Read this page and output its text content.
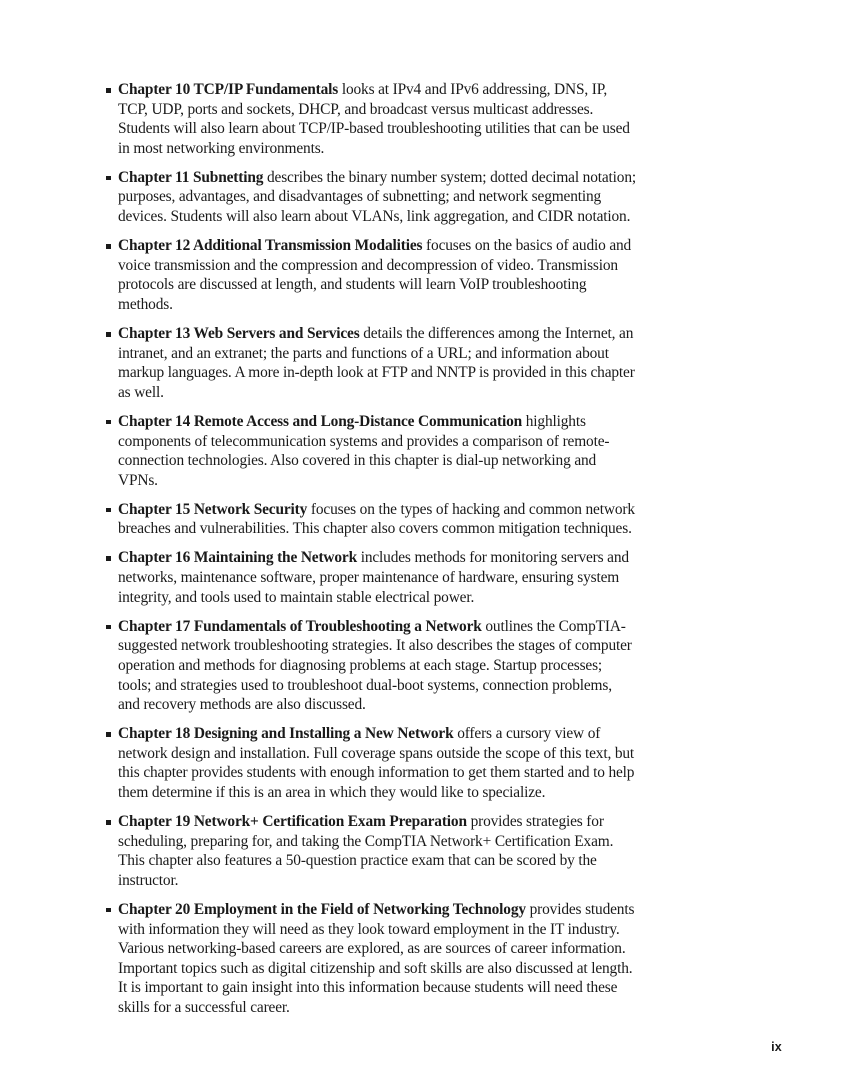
Chapter 10 TCP/IP Fundamentals looks at IPv4 and IPv6 addressing, DNS, IP, TCP, UDP, ports and sockets, DHCP, and broadcast versus multicast addresses. Students will also learn about TCP/IP-based troubleshooting utilities that can be used in most networking environments.
Chapter 11 Subnetting describes the binary number system; dotted decimal notation; purposes, advantages, and disadvantages of subnetting; and network segmenting devices. Students will also learn about VLANs, link aggregation, and CIDR notation.
Chapter 12 Additional Transmission Modalities focuses on the basics of audio and voice transmission and the compression and decompression of video. Transmission protocols are discussed at length, and students will learn VoIP troubleshooting methods.
Chapter 13 Web Servers and Services details the differences among the Internet, an intranet, and an extranet; the parts and functions of a URL; and information about markup languages. A more in-depth look at FTP and NNTP is provided in this chapter as well.
Chapter 14 Remote Access and Long-Distance Communication highlights components of telecommunication systems and provides a comparison of remote-connection technologies. Also covered in this chapter is dial-up networking and VPNs.
Chapter 15 Network Security focuses on the types of hacking and common network breaches and vulnerabilities. This chapter also covers common mitigation techniques.
Chapter 16 Maintaining the Network includes methods for monitoring servers and networks, maintenance software, proper maintenance of hardware, ensuring system integrity, and tools used to maintain stable electrical power.
Chapter 17 Fundamentals of Troubleshooting a Network outlines the CompTIA-suggested network troubleshooting strategies. It also describes the stages of computer operation and methods for diagnosing problems at each stage. Startup processes; tools; and strategies used to troubleshoot dual-boot systems, connection problems, and recovery methods are also discussed.
Chapter 18 Designing and Installing a New Network offers a cursory view of network design and installation. Full coverage spans outside the scope of this text, but this chapter provides students with enough information to get them started and to help them determine if this is an area in which they would like to specialize.
Chapter 19 Network+ Certification Exam Preparation provides strategies for scheduling, preparing for, and taking the CompTIA Network+ Certification Exam. This chapter also features a 50-question practice exam that can be scored by the instructor.
Chapter 20 Employment in the Field of Networking Technology provides students with information they will need as they look toward employment in the IT industry. Various networking-based careers are explored, as are sources of career information. Important topics such as digital citizenship and soft skills are also discussed at length. It is important to gain insight into this information because students will need these skills for a successful career.
ix
